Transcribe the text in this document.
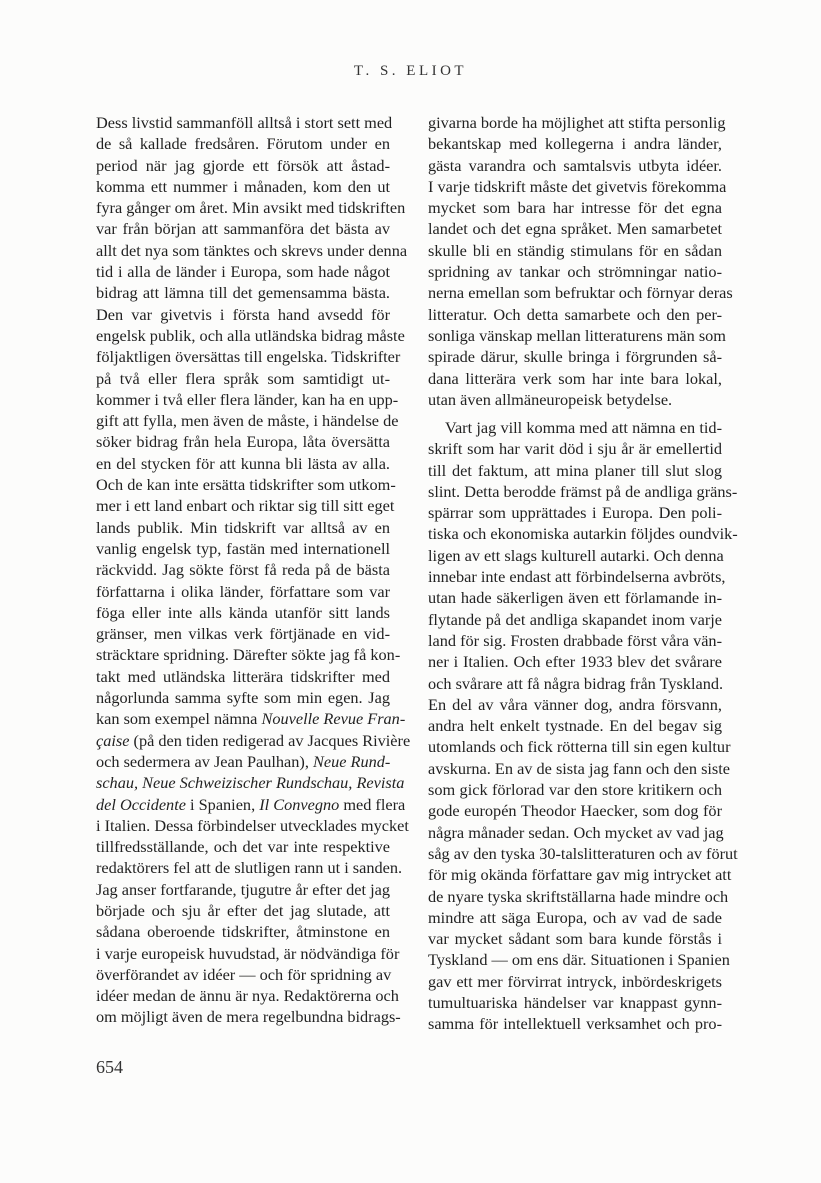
T. S. ELIOT
Dess livstid sammanföll alltså i stort sett med
de så kallade fredsåren. Förutom under en
period när jag gjorde ett försök att åstad-
komma ett nummer i månaden, kom den ut
fyra gånger om året. Min avsikt med tidskriften
var från början att sammanföra det bästa av
allt det nya som tänktes och skrevs under denna
tid i alla de länder i Europa, som hade något
bidrag att lämna till det gemensamma bästa.
Den var givetvis i första hand avsedd för
engelsk publik, och alla utländska bidrag måste
följaktligen översättas till engelska. Tidskrifter
på två eller flera språk som samtidigt ut-
kommer i två eller flera länder, kan ha en upp-
gift att fylla, men även de måste, i händelse de
söker bidrag från hela Europa, låta översätta
en del stycken för att kunna bli lästa av alla.
Och de kan inte ersätta tidskrifter som utkom-
mer i ett land enbart och riktar sig till sitt eget
lands publik. Min tidskrift var alltså av en
vanlig engelsk typ, fastän med internationell
räckvidd. Jag sökte först få reda på de bästa
författarna i olika länder, författare som var
föga eller inte alls kända utanför sitt lands
gränser, men vilkas verk förtjänade en vid-
sträcktare spridning. Därefter sökte jag få kon-
takt med utländska litterära tidskrifter med
någorlunda samma syfte som min egen. Jag
kan som exempel nämna Nouvelle Revue Fran-
çaise (på den tiden redigerad av Jacques Rivière
och sedermera av Jean Paulhan), Neue Rund-
schau, Neue Schweizischer Rundschau, Revista
del Occidente i Spanien, Il Convegno med flera
i Italien. Dessa förbindelser utvecklades mycket
tillfredsställande, och det var inte respektive
redaktörers fel att de slutligen rann ut i sanden.
Jag anser fortfarande, tjugutre år efter det jag
började och sju år efter det jag slutade, att
sådana oberoende tidskrifter, åtminstone en
i varje europeisk huvudstad, är nödvändiga för
överförandet av idéer — och för spridning av
idéer medan de ännu är nya. Redaktörerna och
om möjligt även de mera regelbundna bidrags-
givarna borde ha möjlighet att stifta personlig
bekantskap med kollegerna i andra länder,
gästa varandra och samtalsvis utbyta idéer.
I varje tidskrift måste det givetvis förekomma
mycket som bara har intresse för det egna
landet och det egna språket. Men samarbetet
skulle bli en ständig stimulans för en sådan
spridning av tankar och strömningar natio-
nerna emellan som befruktar och förnyar deras
litteratur. Och detta samarbete och den per-
sonliga vänskap mellan litteraturens män som
spirade därur, skulle bringa i förgrunden så-
dana litterära verk som har inte bara lokal,
utan även allmäneuropeisk betydelse.
Vart jag vill komma med att nämna en tid-
skrift som har varit död i sju år är emellertid
till det faktum, att mina planer till slut slog
slint. Detta berodde främst på de andliga gräns-
spärrar som upprättades i Europa. Den poli-
tiska och ekonomiska autarkin följdes oundvik-
ligen av ett slags kulturell autarki. Och denna
innebar inte endast att förbindelserna avbröts,
utan hade säkerligen även ett förlamande in-
flytande på det andliga skapandet inom varje
land för sig. Frosten drabbade först våra vän-
ner i Italien. Och efter 1933 blev det svårare
och svårare att få några bidrag från Tyskland.
En del av våra vänner dog, andra försvann,
andra helt enkelt tystnade. En del begav sig
utomlands och fick rötterna till sin egen kultur
avskurna. En av de sista jag fann och den siste
som gick förlorad var den store kritikern och
gode europén Theodor Haecker, som dog för
några månader sedan. Och mycket av vad jag
såg av den tyska 30-talslitteraturen och av förut
för mig okända författare gav mig intrycket att
de nyare tyska skriftställarna hade mindre och
mindre att säga Europa, och av vad de sade
var mycket sådant som bara kunde förstås i
Tyskland — om ens där. Situationen i Spanien
gav ett mer förvirrat intryck, inbördeskrigets
tumultuariska händelser var knappast gynn-
samma för intellektuell verksamhet och pro-
654
